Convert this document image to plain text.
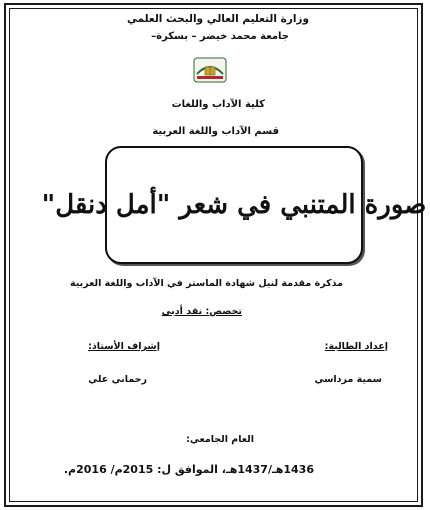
وزارة التعليم العالي والبحث العلمي
جامعة محمد خيضر – بسكرة–
كلية الآداب واللغات
قسم الآداب واللغة العربية
صورة المتنبي في شعر "أمل دنقل"
مذكرة مقدمة لنيل شهادة الماستر في الآداب واللغة العربية
تخصص: نقد أدبي
إعداد الطالبة:
إشراف الأستاذ:
سمية مرداسي
رحماني علي
العام الجامعي:
1436هـ/1437هـ، الموافق ل: 2015م/ 2016م.
